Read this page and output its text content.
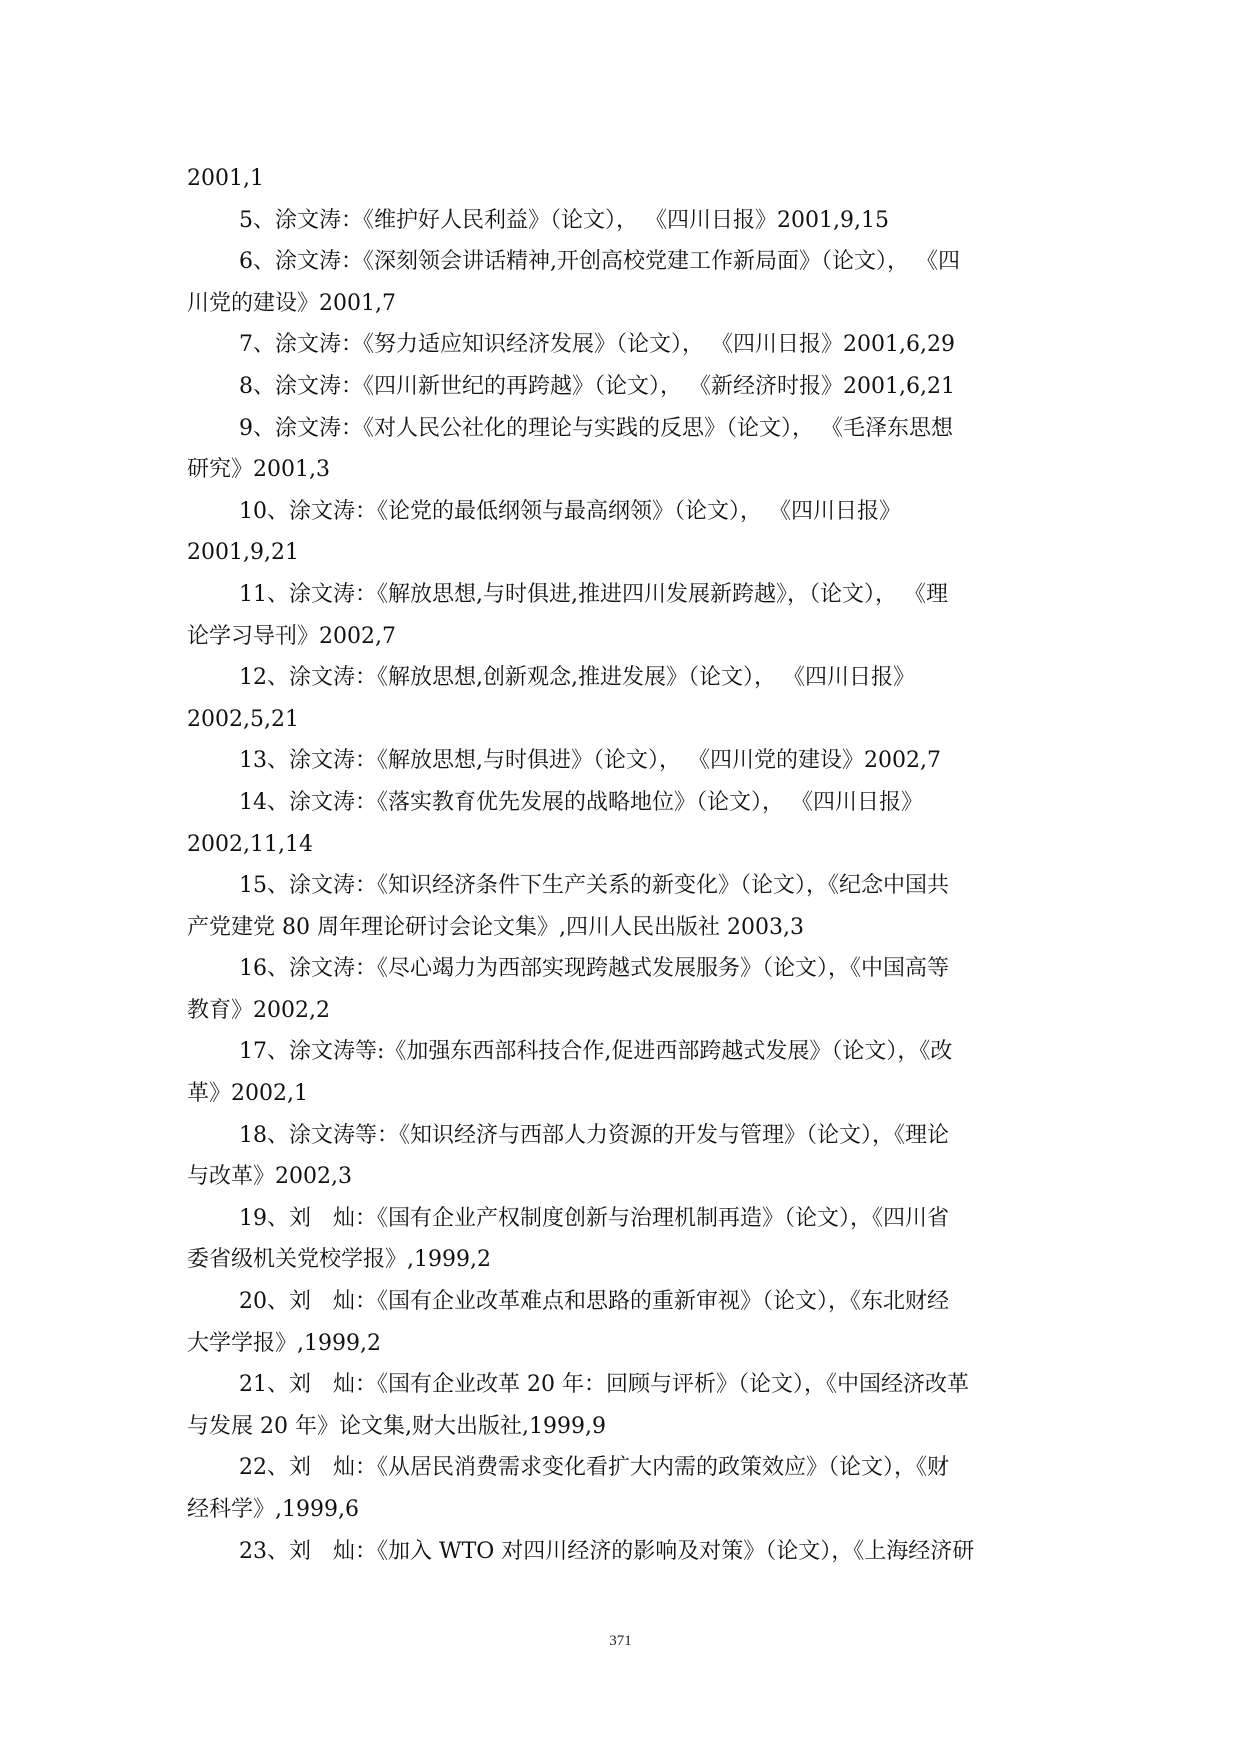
2001,1
5、涂文涛：《维护好人民利益》（论文）， 《四川日报》2001,9,15
6、涂文涛：《深刻领会讲话精神,开创高校党建工作新局面》（论文）， 《四
川党的建设》2001,7
7、涂文涛：《努力适应知识经济发展》（论文）， 《四川日报》2001,6,29
8、涂文涛：《四川新世纪的再跨越》（论文）， 《新经济时报》2001,6,21
9、涂文涛：《对人民公社化的理论与实践的反思》（论文）， 《毛泽东思想
研究》2001,3
10、涂文涛：《论党的最低纲领与最高纲领》（论文）， 《四川日报》
2001,9,21
11、涂文涛：《解放思想,与时俱进,推进四川发展新跨越》，（论文）， 《理
论学习导刊》2002,7
12、涂文涛：《解放思想,创新观念,推进发展》（论文）， 《四川日报》
2002,5,21
13、涂文涛：《解放思想,与时俱进》（论文）， 《四川党的建设》2002,7
14、涂文涛：《落实教育优先发展的战略地位》（论文）， 《四川日报》
2002,11,14
15、涂文涛：《知识经济条件下生产关系的新变化》（论文），《纪念中国共
产党建党 80 周年理论研讨会论文集》,四川人民出版社 2003,3
16、涂文涛：《尽心竭力为西部实现跨越式发展服务》（论文），《中国高等
教育》2002,2
17、涂文涛等:《加强东西部科技合作,促进西部跨越式发展》（论文），《改
革》2002,1
18、涂文涛等：《知识经济与西部人力资源的开发与管理》（论文），《理论
与改革》2002,3
19、刘　灿：《国有企业产权制度创新与治理机制再造》（论文），《四川省
委省级机关党校学报》,1999,2
20、刘　灿：《国有企业改革难点和思路的重新审视》（论文），《东北财经
大学学报》,1999,2
21、刘　灿：《国有企业改革 20 年：回顾与评析》（论文），《中国经济改革
与发展 20 年》论文集,财大出版社,1999,9
22、刘　灿：《从居民消费需求变化看扩大内需的政策效应》（论文），《财
经科学》,1999,6
23、刘　灿：《加入 WTO 对四川经济的影响及对策》（论文），《上海经济研
371
